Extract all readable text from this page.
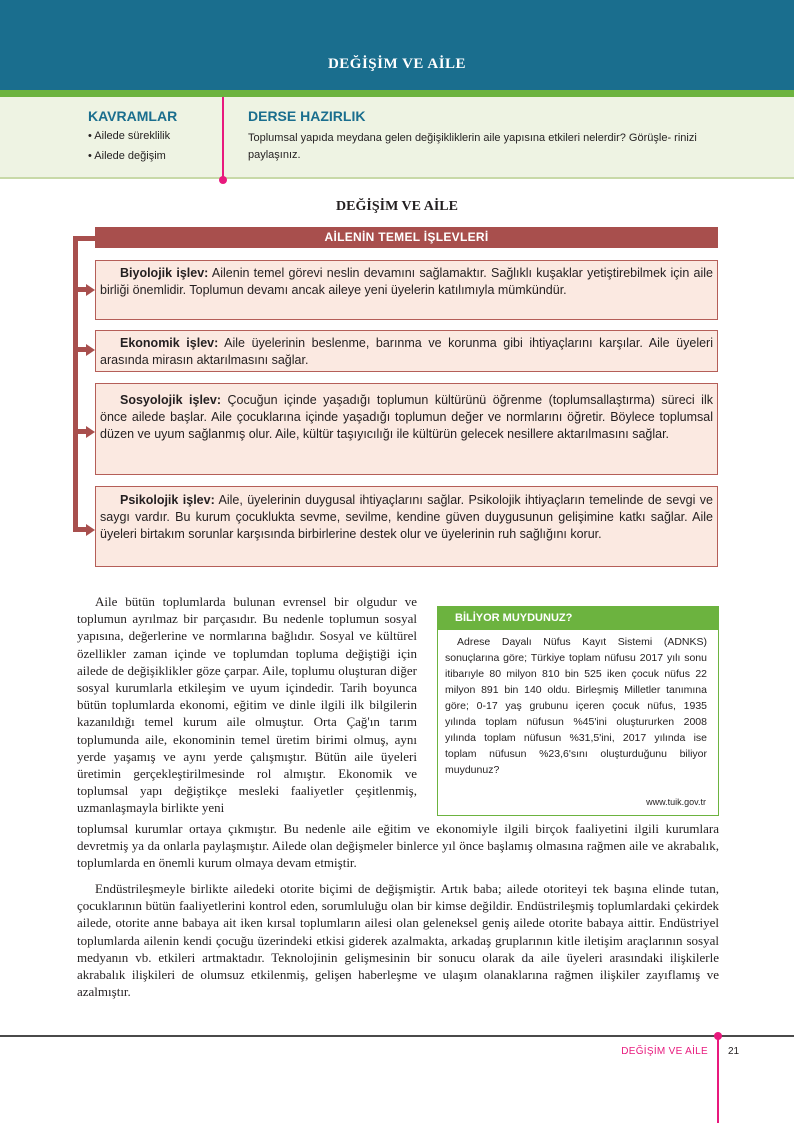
DEĞİŞİM VE AİLE
KAVRAMLAR
• Ailede süreklilik
• Ailede değişim
DERSE HAZIRLIK
Toplumsal yapıda meydana gelen değişikliklerin aile yapısına etkileri nelerdir? Görüşle- rinizi paylaşınız.
DEĞİŞİM VE AİLE
AİLENİN TEMEL İŞLEVLERİ
Biyolojik işlev: Ailenin temel görevi neslin devamını sağlamaktır. Sağlıklı kuşaklar yetiştirebilmek için aile birliği önemlidir. Toplumun devamı ancak aileye yeni üyelerin katılımıyla mümkündür.
Ekonomik işlev: Aile üyelerinin beslenme, barınma ve korunma gibi ihtiyaçlarını karşılar. Aile üyeleri arasında mirasın aktarılmasını sağlar.
Sosyolojik işlev: Çocuğun içinde yaşadığı toplumun kültürünü öğrenme (toplumsallaştırma) süreci ilk önce ailede başlar. Aile çocuklarına içinde yaşadığı toplumun değer ve normlarını öğretir. Böylece toplumsal düzen ve uyum sağlanmış olur. Aile, kültür taşıyıcılığı ile kültürün gelecek nesillere aktarılmasını sağlar.
Psikolojik işlev: Aile, üyelerinin duygusal ihtiyaçlarını sağlar. Psikolojik ihtiyaçların temelinde de sevgi ve saygı vardır. Bu kurum çocuklukta sevme, sevilme, kendine güven duygusunun gelişimine katkı sağlar. Aile üyeleri birtakım sorunlar karşısında birbirlerine destek olur ve üyelerinin ruh sağlığını korur.
Aile bütün toplumlarda bulunan evrensel bir olgudur ve toplumun ayrılmaz bir parçasıdır. Bu nedenle toplumun sosyal yapısına, değerlerine ve normlarına bağlıdır. Sosyal ve kültürel özellikler zaman içinde ve toplumdan topluma değiştiği için ailede de değişiklikler göze çarpar. Aile, toplumu oluşturan diğer sosyal kurumlarla etkileşim ve uyum içindedir. Tarih boyunca bütün toplumlarda ekonomi, eğitim ve dinle ilgili ilk bilgilerin kazanıldığı temel kurum aile olmuştur. Orta Çağ'ın tarım toplumunda aile, ekonominin temel üretim birimi olmuş, aynı yerde yaşamış ve aynı yerde çalışmıştır. Bütün aile üyeleri üretimin gerçekleştirilmesinde rol almıştır. Ekonomik ve toplumsal yapı değiştikçe mesleki faaliyetler çeşitlenmiş, uzmanlaşmayla birlikte yeni
toplumsal kurumlar ortaya çıkmıştır. Bu nedenle aile eğitim ve ekonomiyle ilgili birçok faaliyetini ilgili kurumlara devretmiş ya da onlarla paylaşmıştır. Ailede olan değişmeler binlerce yıl önce başlamış olmasına rağmen aile ve akrabalık, toplumlarda en önemli kurum olmaya devam etmiştir.
Endüstrileşmeyle birlikte ailedeki otorite biçimi de değişmiştir. Artık baba; ailede otoriteyi tek başına elinde tutan, çocuklarının bütün faaliyetlerini kontrol eden, sorumluluğu olan bir kimse değildir. Endüstrileşmiş toplumlardaki çekirdek ailede, otorite anne babaya ait iken kırsal toplumların ailesi olan geleneksel geniş ailede otorite babaya aittir. Endüstriyel toplumlarda ailenin kendi çocuğu üzerindeki etkisi giderek azalmakta, arkadaş gruplarının kitle iletişim araçlarının sosyal medyanın vb. etkileri artmaktadır. Teknolojinin gelişmesinin bir sonucu olarak da aile üyeleri arasındaki ilişkilerle akrabalık ilişkileri de olumsuz etkilenmiş, gelişen haberleşme ve ulaşım olanaklarına rağmen ilişkiler zayıflamış ve azalmıştır.
BİLİYOR MUYDUNUZ?
Adrese Dayalı Nüfus Kayıt Sistemi (ADNKS) sonuçlarına göre; Türkiye toplam nüfusu 2017 yılı sonu itibarıyle 80 milyon 810 bin 525 iken çocuk nüfus 22 milyon 891 bin 140 oldu. Birleşmiş Milletler tanımına göre; 0-17 yaş grubunu içeren çocuk nüfus, 1935 yılında toplam nüfusun %45'ini oluştururken 2008 yılında toplam nüfusun %31,5'ini, 2017 yılında ise toplam nüfusun %23,6'sını oluşturduğunu biliyor muydunuz?
www.tuik.gov.tr
DEĞİŞİM VE AİLE 21
